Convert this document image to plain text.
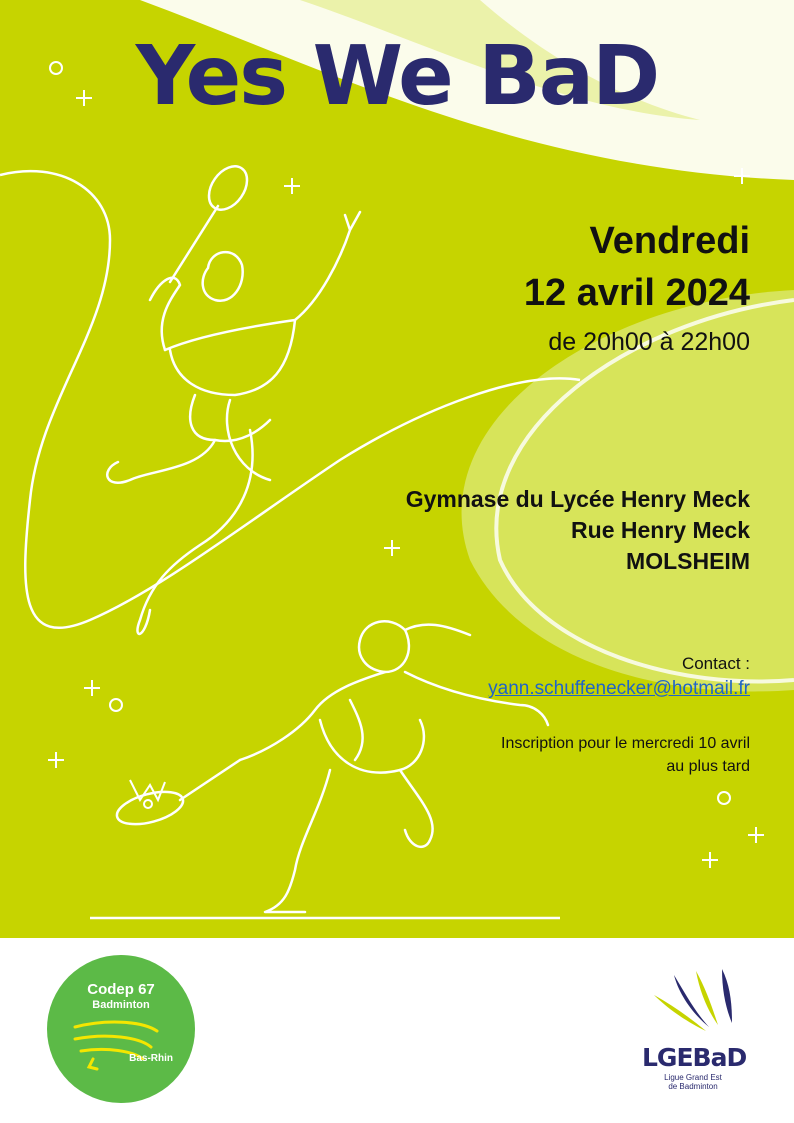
Yes We BaD
Vendredi
12 avril 2024
de 20h00 à 22h00
Gymnase du Lycée Henry Meck
Rue Henry Meck
MOLSHEIM
Contact :
yann.schuffenecker@hotmail.fr
Inscription pour le mercredi 10 avril
au plus tard
Codep 67
Badminton
Bas-Rhin	LGEBaD
Ligue Grand Est
de Badminton
